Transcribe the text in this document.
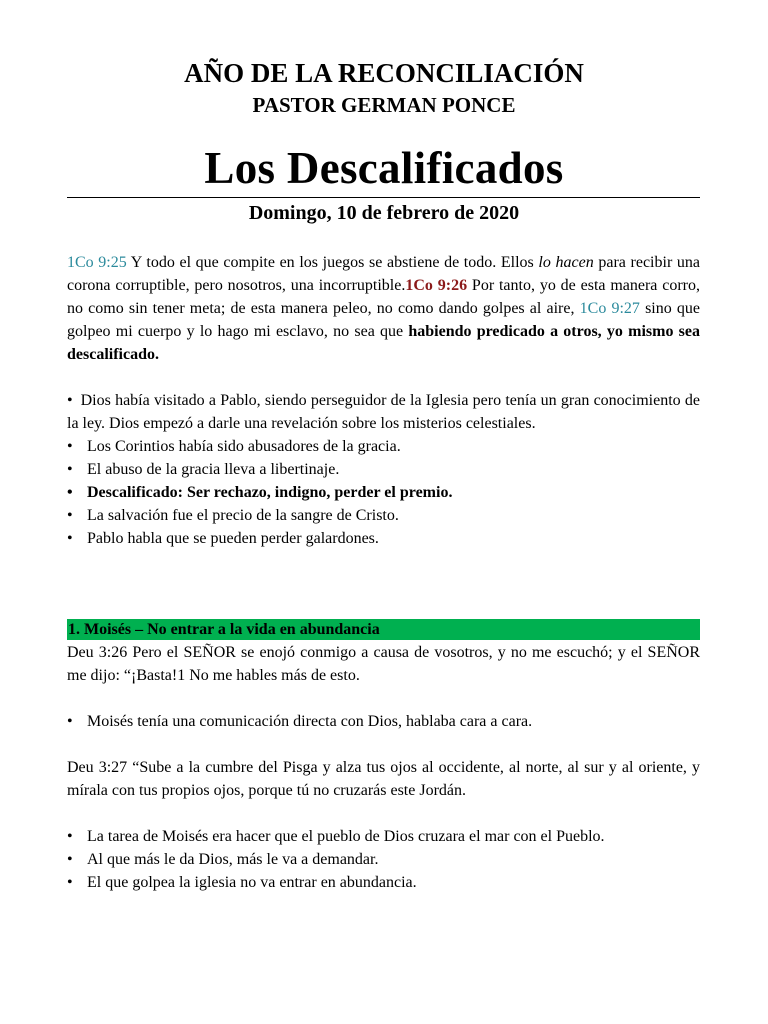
AÑO DE LA RECONCILIACIÓN
PASTOR GERMAN PONCE
Los Descalificados
Domingo, 10 de febrero de 2020

1Co 9:25 Y todo el que compite en los juegos se abstiene de todo. Ellos lo hacen para recibir una corona corruptible, pero nosotros, una incorruptible.1Co 9:26 Por tanto, yo de esta manera corro, no como sin tener meta; de esta manera peleo, no como dando golpes al aire, 1Co 9:27 sino que golpeo mi cuerpo y lo hago mi esclavo, no sea que habiendo predicado a otros, yo mismo sea descalificado.

• Dios había visitado a Pablo, siendo perseguidor de la Iglesia pero tenía un gran conocimiento de la ley. Dios empezó a darle una revelación sobre los misterios celestiales.
• Los Corintios había sido abusadores de la gracia.
• El abuso de la gracia lleva a libertinaje.
• Descalificado: Ser rechazo, indigno, perder el premio.
• La salvación fue el precio de la sangre de Cristo.
• Pablo habla que se pueden perder galardones.
1. Moisés – No entrar a la vida en abundancia

Deu 3:26 Pero el SEÑOR se enojó conmigo a causa de vosotros, y no me escuchó; y el SEÑOR me dijo: “¡Basta!1 No me hables más de esto.

• Moisés tenía una comunicación directa con Dios, hablaba cara a cara.

Deu 3:27 “Sube a la cumbre del Pisga y alza tus ojos al occidente, al norte, al sur y al oriente, y mírala con tus propios ojos, porque tú no cruzarás este Jordán.

• La tarea de Moisés era hacer que el pueblo de Dios cruzara el mar con el Pueblo.
• Al que más le da Dios, más le va a demandar.
• El que golpea la iglesia no va entrar en abundancia.
